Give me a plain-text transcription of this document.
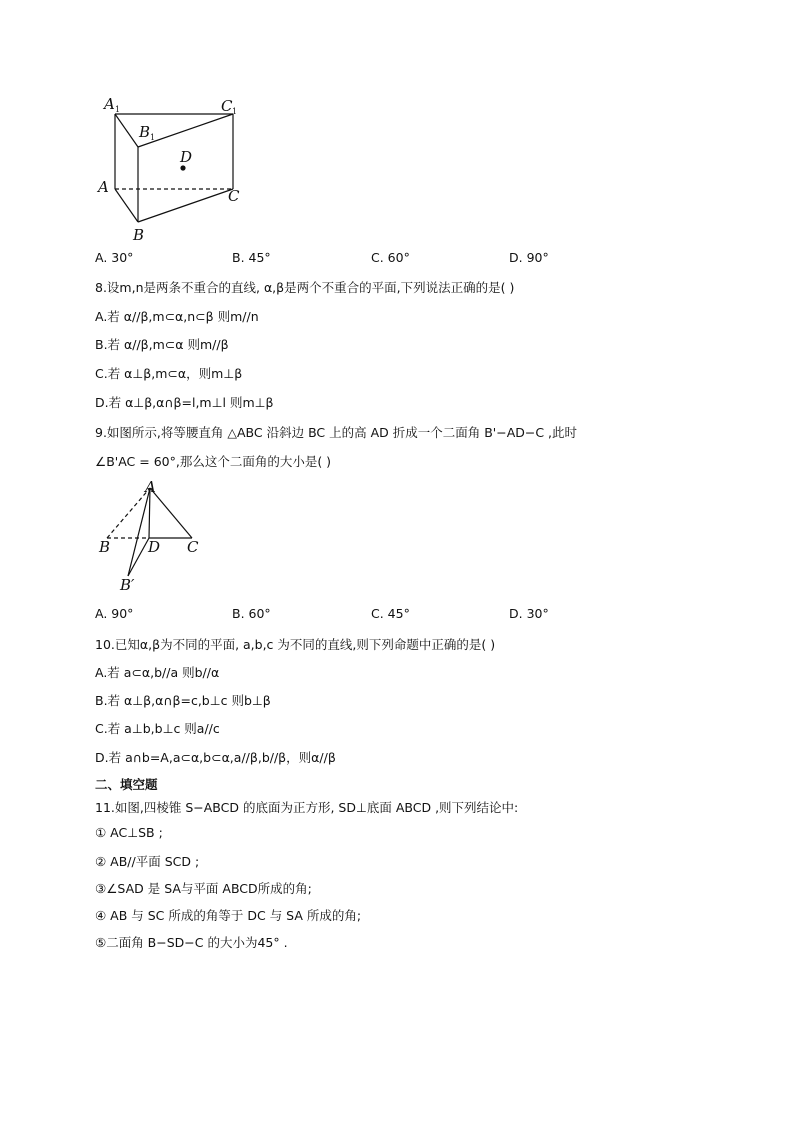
A 1	C 1
B 1
D
A	C
B
A. 30°	B. 45°	C. 60°	D. 90°
8.设m,n是两条不重合的直线, α,β是两个不重合的平面,下列说法正确的是( )
A.若 α//β,m⊂α,n⊂β 则m//n
B.若 α//β,m⊂α 则m//β
C.若 α⊥β,m⊂α，则m⊥β
D.若 α⊥β,α∩β=l,m⊥l 则m⊥β
9.如图所示,将等腰直角 △ABC 沿斜边 BC 上的高 AD 折成一个二面角 B'−AD−C ,此时
∠B'AC = 60°,那么这个二面角的大小是( )
A
B	D C
B′
A. 90°	B. 60°	C. 45°	D. 30°
10.已知α,β为不同的平面, a,b,c 为不同的直线,则下列命题中正确的是( )
A.若 a⊂α,b//a 则b//α
B.若 α⊥β,α∩β=c,b⊥c 则b⊥β
C.若 a⊥b,b⊥c 则a//c
D.若 a∩b=A,a⊂α,b⊂α,a//β,b//β，则α//β
二、填空题
11.如图,四棱锥 S−ABCD 的底面为正方形, SD⊥底面 ABCD ,则下列结论中:
① AC⊥SB ;
② AB//平面 SCD ;
③∠SAD 是 SA与平面 ABCD所成的角;
④ AB 与 SC 所成的角等于 DC 与 SA 所成的角;
⑤二面角 B−SD−C 的大小为45° .
